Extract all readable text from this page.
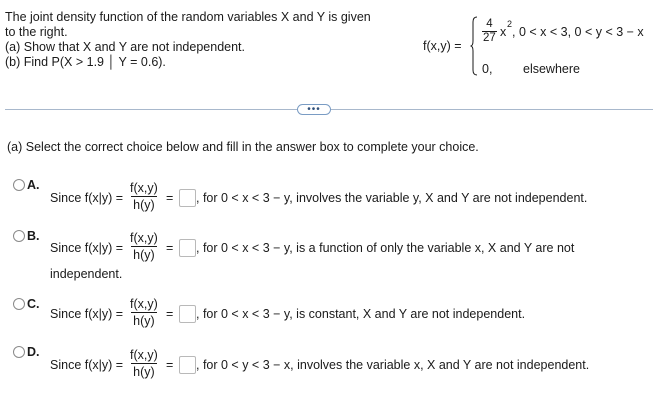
The joint density function of the random variables X and Y is given
to the right.
(a) Show that X and Y are not independent.
(b) Find P(X > 1.9 │ Y = 0.6).
f(x,y) =
$\frac{4}{27}$ x
2
, 0 < x < 3, 0 < y < 3 − x
0, elsewhere
•••
(a) Select the correct choice below and fill in the answer box to complete your choice.
A.
Since $f(x|y) = \frac{f(x,y)}{h(y)}$ = , for 0 < x < 3 − y, involves the variable y, X and Y are not independent.
B.
Since $f(x|y) = \frac{f(x,y)}{h(y)}$ = , for 0 < x < 3 − y, is a function of only the variable x, X and Y are not
independent.
C.
Since $f(x|y) = \frac{f(x,y)}{h(y)}$ = , for 0 < x < 3 − y, is constant, X and Y are not independent.
D.
Since $f(x|y) = \frac{f(x,y)}{h(y)}$ = , for 0 < y < 3 − x, involves the variable x, X and Y are not independent.
